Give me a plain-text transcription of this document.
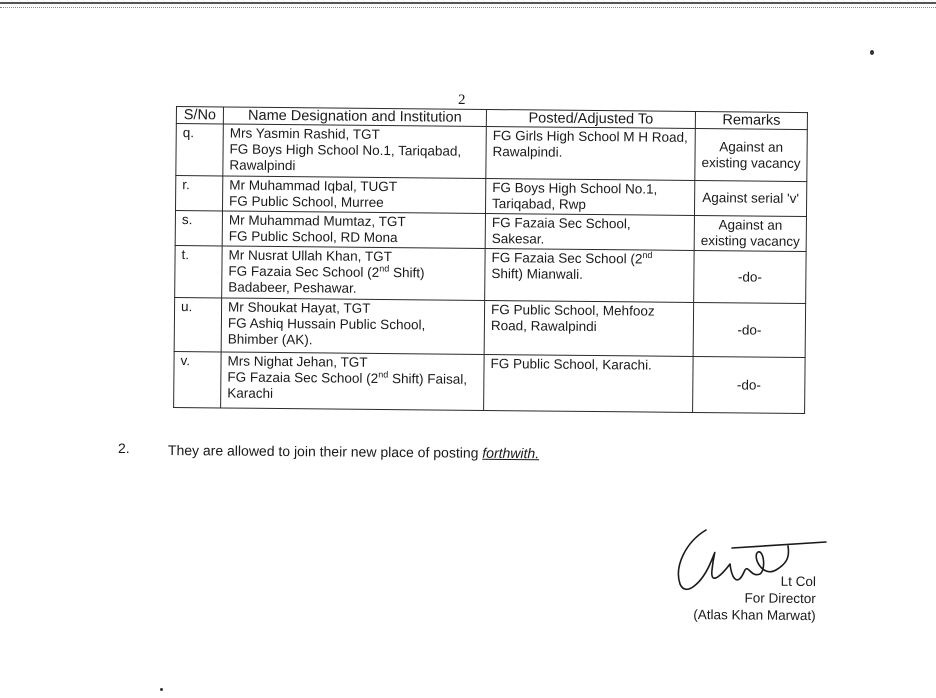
2
S/No	Name Designation and Institution	Posted/Adjusted To	Remarks
q.	Mrs Yasmin Rashid, TGT
FG Boys High School No.1, Tariqabad,
Rawalpindi	FG Girls High School M H Road,
Rawalpindi.	Against an
existing vacancy

r.	Mr Muhammad Iqbal, TUGT
FG Public School, Murree	FG Boys High School No.1,
Tariqabad, Rwp	Against serial 'v'

s.	Mr Muhammad Mumtaz, TGT
FG Public School, RD Mona	FG Fazaia Sec School,
Sakesar.	Against an
existing vacancy

t.	Mr Nusrat Ullah Khan, TGT
FG Fazaia Sec School (2nd Shift)
Badabeer, Peshawar.	FG Fazaia Sec School (2nd
Shift) Mianwali.	-do-

u.	Mr Shoukat Hayat, TGT
FG Ashiq Hussain Public School,
Bhimber (AK).	FG Public School, Mehfooz
Road, Rawalpindi	-do-

v.	Mrs Nighat Jehan, TGT
FG Fazaia Sec School (2nd Shift) Faisal,
Karachi	FG Public School, Karachi.	-do-
2.	They are allowed to join their new place of posting forthwith.
Lt Col
For Director
(Atlas Khan Marwat)
